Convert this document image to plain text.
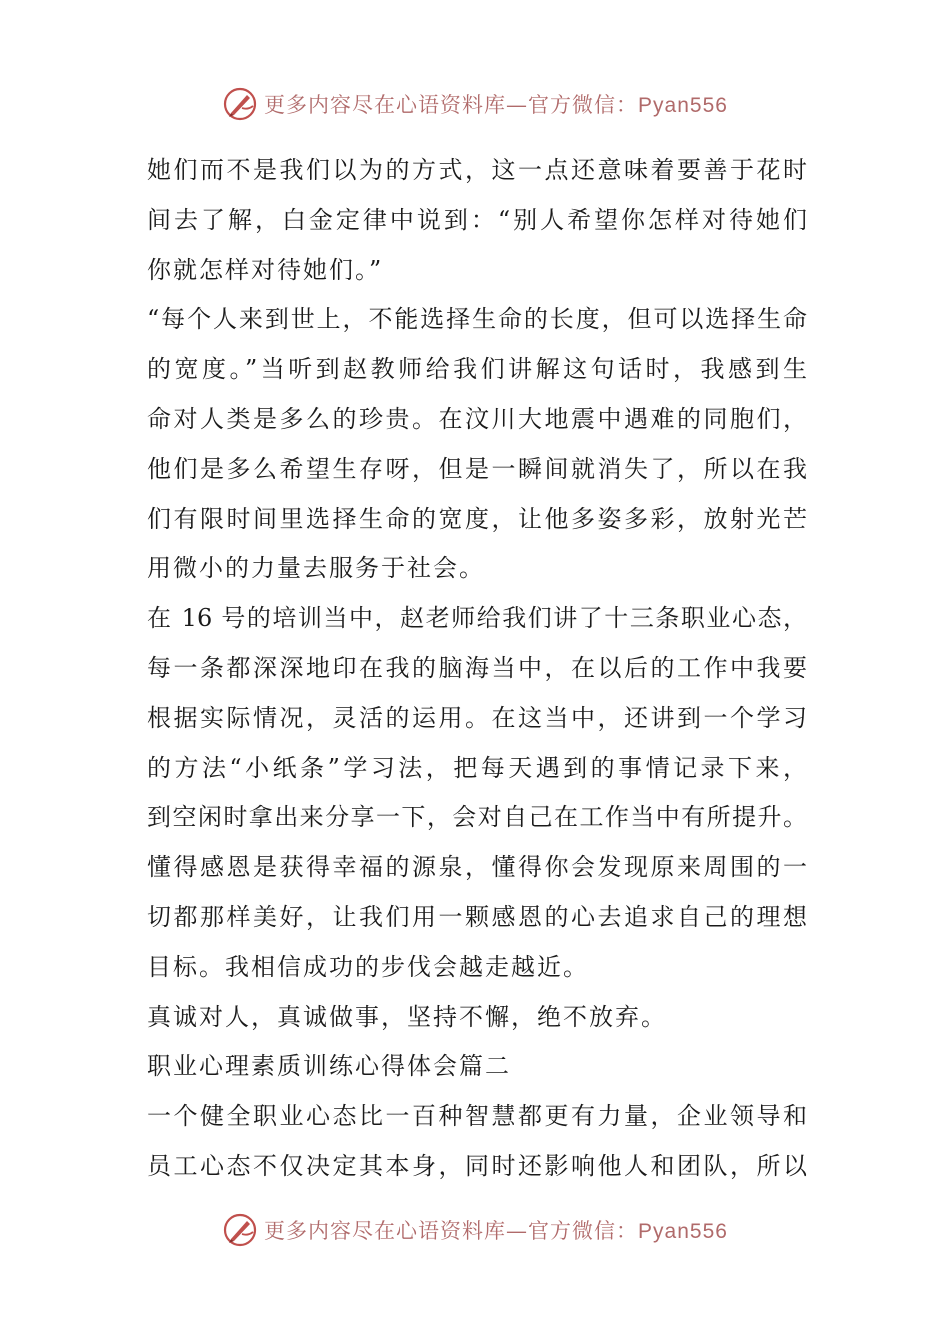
更多内容尽在心语资料库—官方微信：Pyan556
她们而不是我们以为的方式，这一点还意味着要善于花时
间去了解，白金定律中说到：“别人希望你怎样对待她们
你就怎样对待她们。”
“每个人来到世上，不能选择生命的长度，但可以选择生命
的宽度。”当听到赵教师给我们讲解这句话时，我感到生
命对人类是多么的珍贵。在汶川大地震中遇难的同胞们，
他们是多么希望生存呀，但是一瞬间就消失了，所以在我
们有限时间里选择生命的宽度，让他多姿多彩，放射光芒
用微小的力量去服务于社会。
在 16 号的培训当中，赵老师给我们讲了十三条职业心态，
每一条都深深地印在我的脑海当中，在以后的工作中我要
根据实际情况，灵活的运用。在这当中，还讲到一个学习
的方法“小纸条”学习法，把每天遇到的事情记录下来，
到空闲时拿出来分享一下，会对自己在工作当中有所提升。
懂得感恩是获得幸福的源泉，懂得你会发现原来周围的一
切都那样美好，让我们用一颗感恩的心去追求自己的理想
目标。我相信成功的步伐会越走越近。
真诚对人，真诚做事，坚持不懈，绝不放弃。
职业心理素质训练心得体会篇二
一个健全职业心态比一百种智慧都更有力量，企业领导和
员工心态不仅决定其本身，同时还影响他人和团队，所以
更多内容尽在心语资料库—官方微信：Pyan556
